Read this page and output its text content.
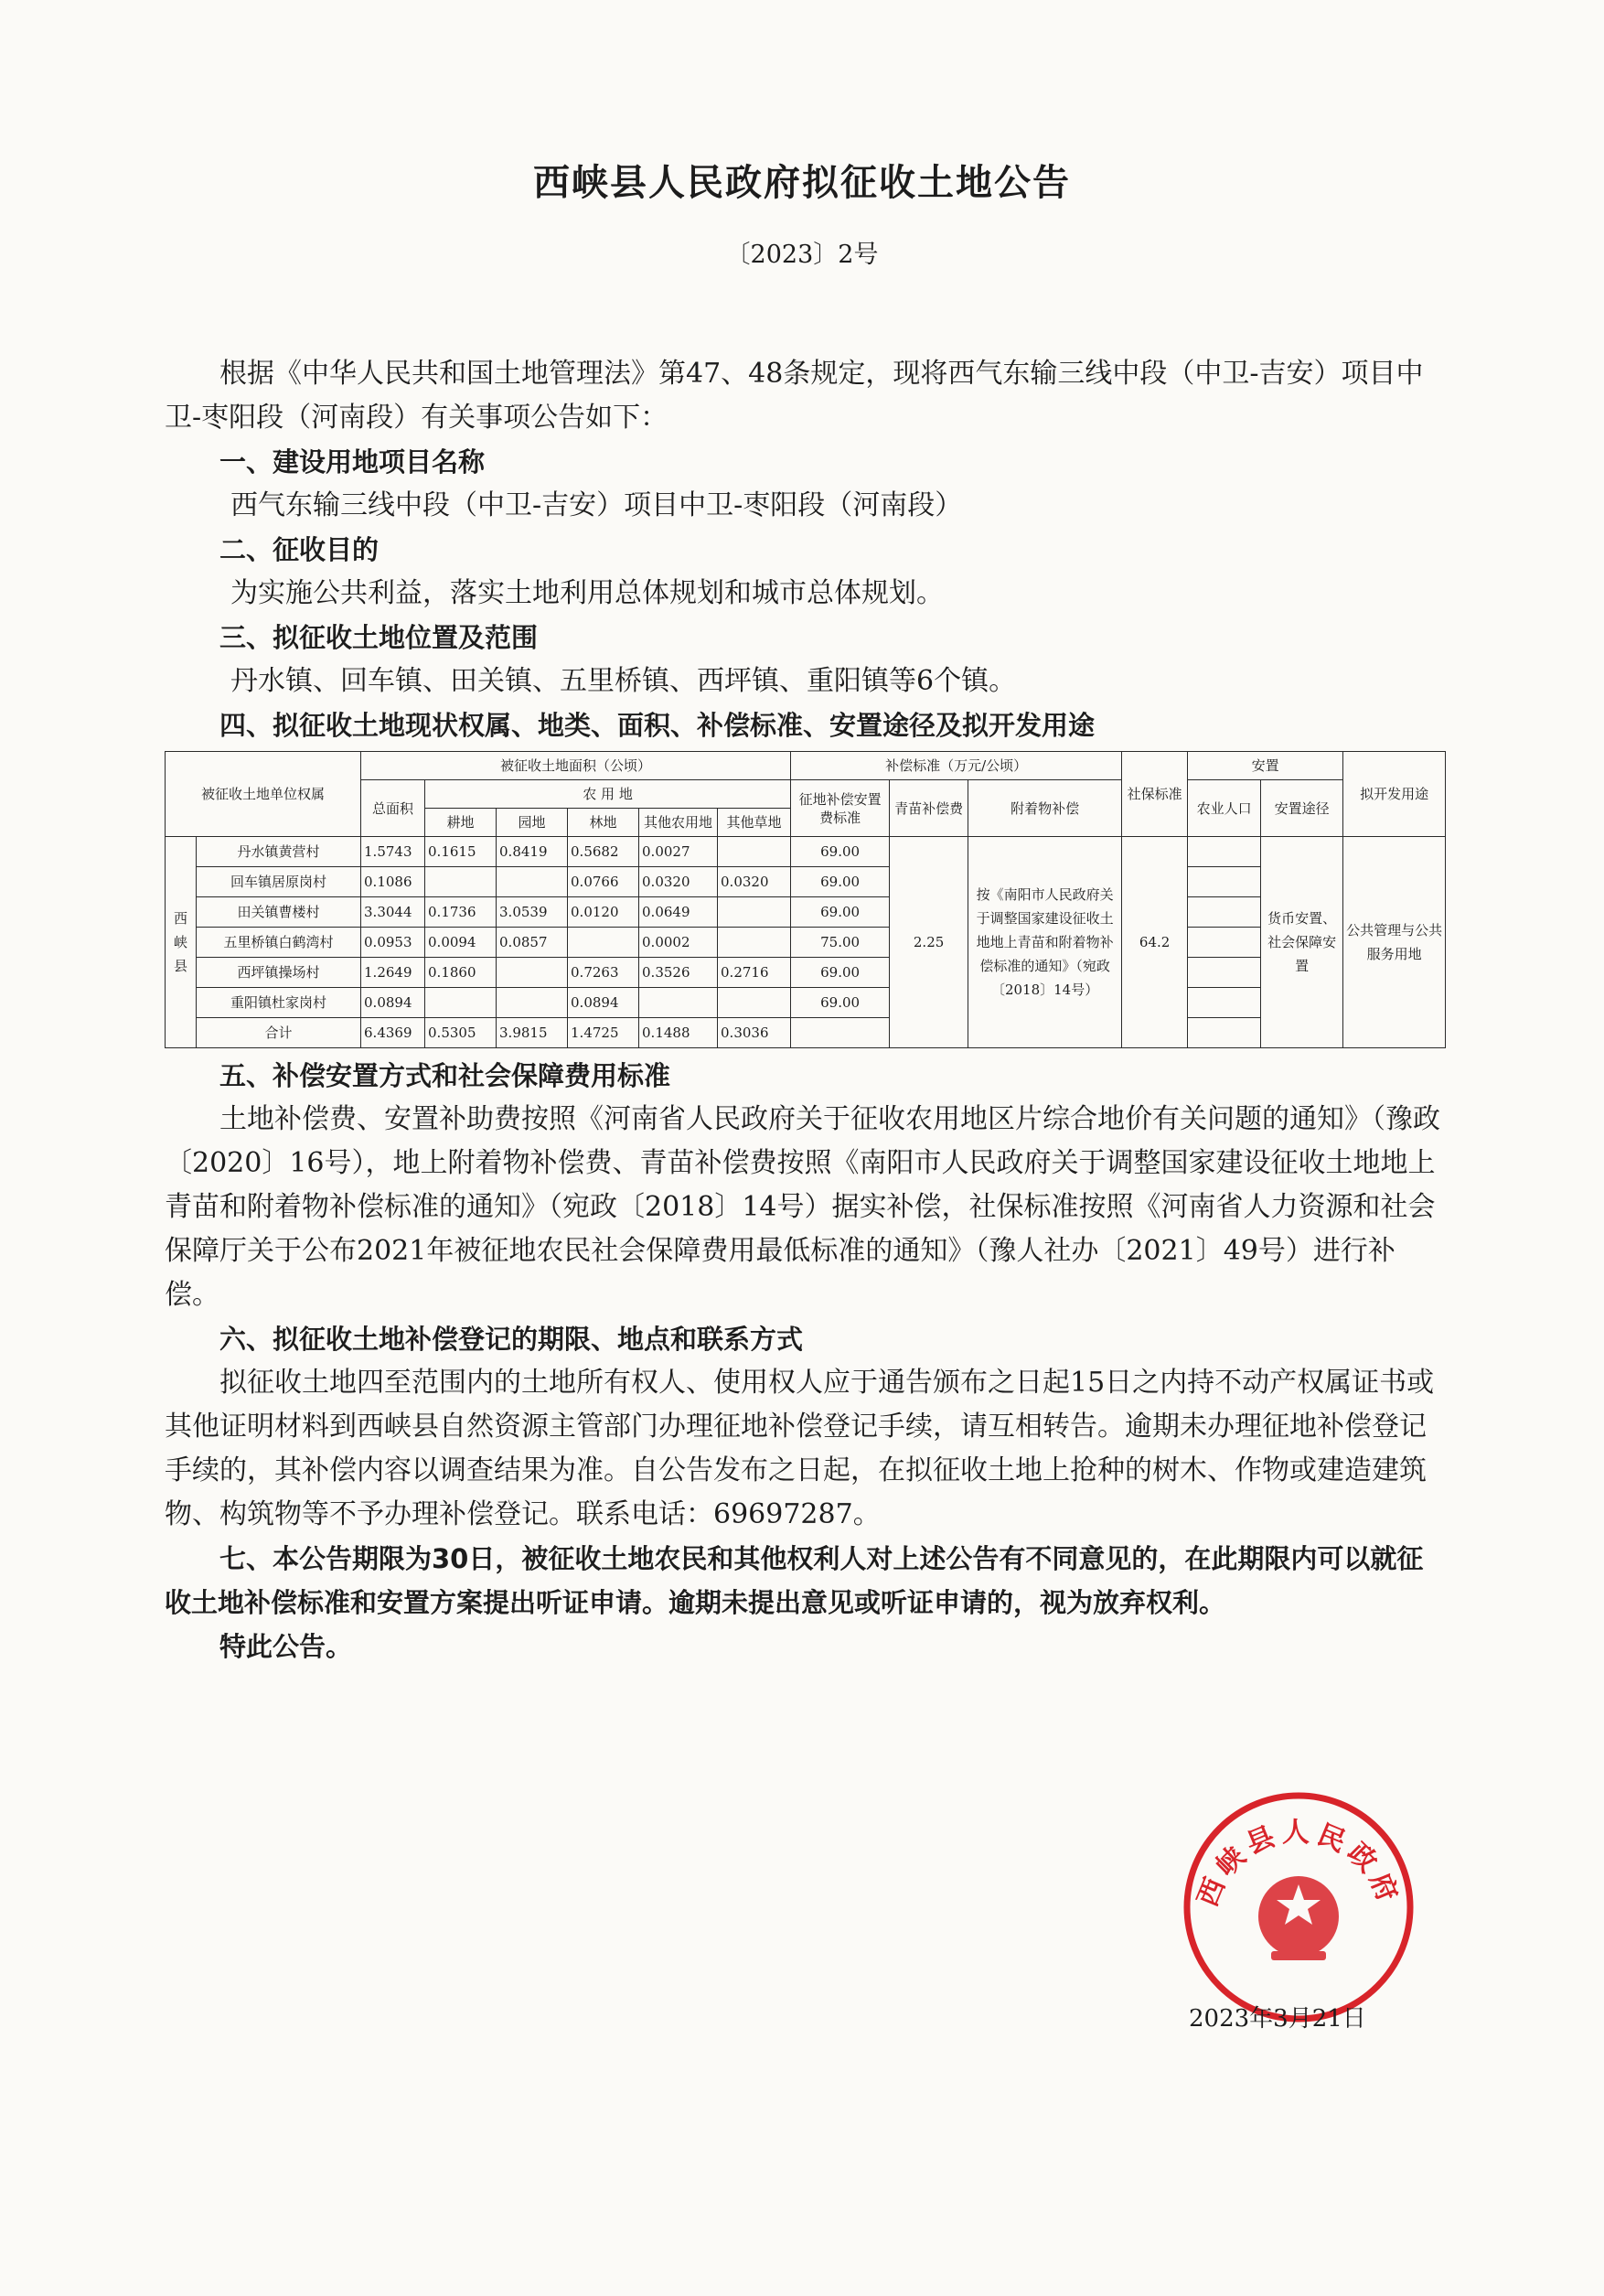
西峡县人民政府拟征收土地公告
〔2023〕2号

根据《中华人民共和国土地管理法》第47、48条规定，现将西气东输三线中段（中卫-吉安）项目中卫-枣阳段（河南段）有关事项公告如下：

一、建设用地项目名称

西气东输三线中段（中卫-吉安）项目中卫-枣阳段（河南段）

二、征收目的

为实施公共利益，落实土地利用总体规划和城市总体规划。

三、拟征收土地位置及范围

丹水镇、回车镇、田关镇、五里桥镇、西坪镇、重阳镇等6个镇。

四、拟征收土地现状权属、地类、面积、补偿标准、安置途径及拟开发用途

被征收土地单位权属		被征收土地面积（公顷）						补偿标准（万元/公顷）			社保标准	安置		拟开发用途
		总面积	农 用 地					征地补偿安置费标准	青苗补偿费	附着物补偿		农业人口	安置途径	
			耕地	园地	林地	其他农用地	其他草地							
西峡县	丹水镇黄营村	1.5743	0.1615	0.8419	0.5682	0.0027		69.00	2.25	按《南阳市人民政府关于调整国家建设征收土地地上青苗和附着物补偿标准的通知》（宛政〔2018〕14号）	64.2		货币安置、社会保障安置	公共管理与公共服务用地
	回车镇居原岗村	0.1086			0.0766	0.0320	0.0320	69.00						
	田关镇曹楼村	3.3044	0.1736	3.0539	0.0120	0.0649		69.00						
	五里桥镇白鹤湾村	0.0953	0.0094	0.0857		0.0002		75.00						
	西坪镇操场村	1.2649	0.1860		0.7263	0.3526	0.2716	69.00						
	重阳镇杜家岗村	0.0894			0.0894			69.00						
	合计	6.4369	0.5305	3.9815	1.4725	0.1488	0.3036							

五、补偿安置方式和社会保障费用标准

土地补偿费、安置补助费按照《河南省人民政府关于征收农用地区片综合地价有关问题的通知》（豫政〔2020〕16号），地上附着物补偿费、青苗补偿费按照《南阳市人民政府关于调整国家建设征收土地地上青苗和附着物补偿标准的通知》（宛政〔2018〕14号）据实补偿，社保标准按照《河南省人力资源和社会保障厅关于公布2021年被征地农民社会保障费用最低标准的通知》（豫人社办〔2021〕49号）进行补偿。

六、拟征收土地补偿登记的期限、地点和联系方式

拟征收土地四至范围内的土地所有权人、使用权人应于通告颁布之日起15日之内持不动产权属证书或其他证明材料到西峡县自然资源主管部门办理征地补偿登记手续，请互相转告。逾期未办理征地补偿登记手续的，其补偿内容以调查结果为准。自公告发布之日起，在拟征收土地上抢种的树木、作物或建造建筑物、构筑物等不予办理补偿登记。联系电话：69697287。

七、本公告期限为30日，被征收土地农民和其他权利人对上述公告有不同意见的，在此期限内可以就征收土地补偿标准和安置方案提出听证申请。逾期未提出意见或听证申请的，视为放弃权利。

特此公告。

西峡县人民政府
2023年3月21日
